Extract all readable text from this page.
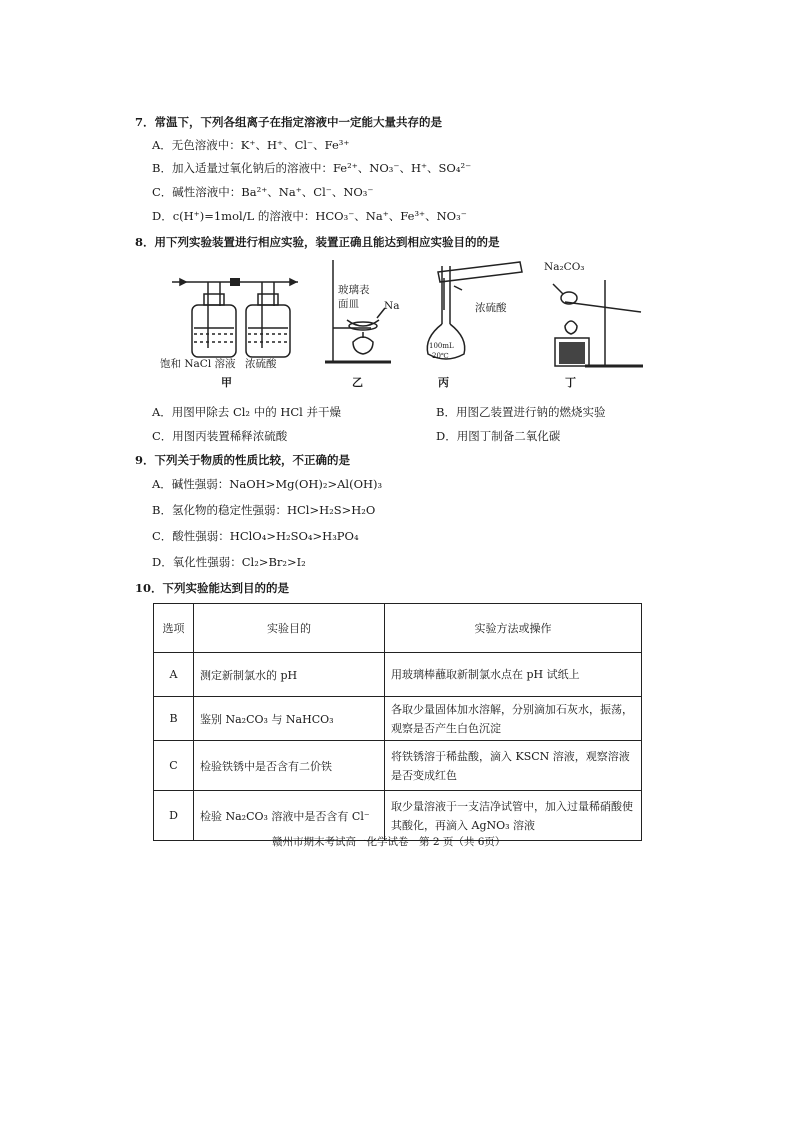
7．常温下，下列各组离子在指定溶液中一定能大量共存的是
A．无色溶液中：K⁺、H⁺、Cl⁻、Fe³⁺
B．加入适量过氧化钠后的溶液中：Fe²⁺、NO₃⁻、H⁺、SO₄²⁻
C．碱性溶液中：Ba²⁺、Na⁺、Cl⁻、NO₃⁻
D．c(H⁺)=1mol/L 的溶液中：HCO₃⁻、Na⁺、Fe³⁺、NO₃⁻
8．用下列实验装置进行相应实验，装置正确且能达到相应实验目的的是
饱和 NaCl 溶液 浓硫酸
甲
玻璃表
面皿 Na
乙
浓硫酸
100mL
20℃
丙
Na₂CO₃
丁
A．用图甲除去 Cl₂ 中的 HCl 并干燥	B．用图乙装置进行钠的燃烧实验
C．用图丙装置稀释浓硫酸	D．用图丁制备二氧化碳
9．下列关于物质的性质比较，不正确的是
A．碱性强弱：NaOH>Mg(OH)₂>Al(OH)₃
B．氢化物的稳定性强弱：HCl>H₂S>H₂O
C．酸性强弱：HClO₄>H₂SO₄>H₃PO₄
D．氧化性强弱：Cl₂>Br₂>I₂
10．下列实验能达到目的的是
选项	实验目的	实验方法或操作
A	测定新制氯水的 pH	用玻璃棒蘸取新制氯水点在 pH 试纸上
B	鉴别 Na₂CO₃ 与 NaHCO₃	各取少量固体加水溶解，分别滴加石灰水，振荡，观察是否产生白色沉淀
C	检验铁锈中是否含有二价铁	将铁锈溶于稀盐酸，滴入 KSCN 溶液，观察溶液是否变成红色
D	检验 Na₂CO₃ 溶液中是否含有 Cl⁻	取少量溶液于一支洁净试管中，加入过量稀硝酸使其酸化，再滴入 AgNO₃ 溶液
赣州市期末考试高一化学试卷　第 2 页（共 6页）
